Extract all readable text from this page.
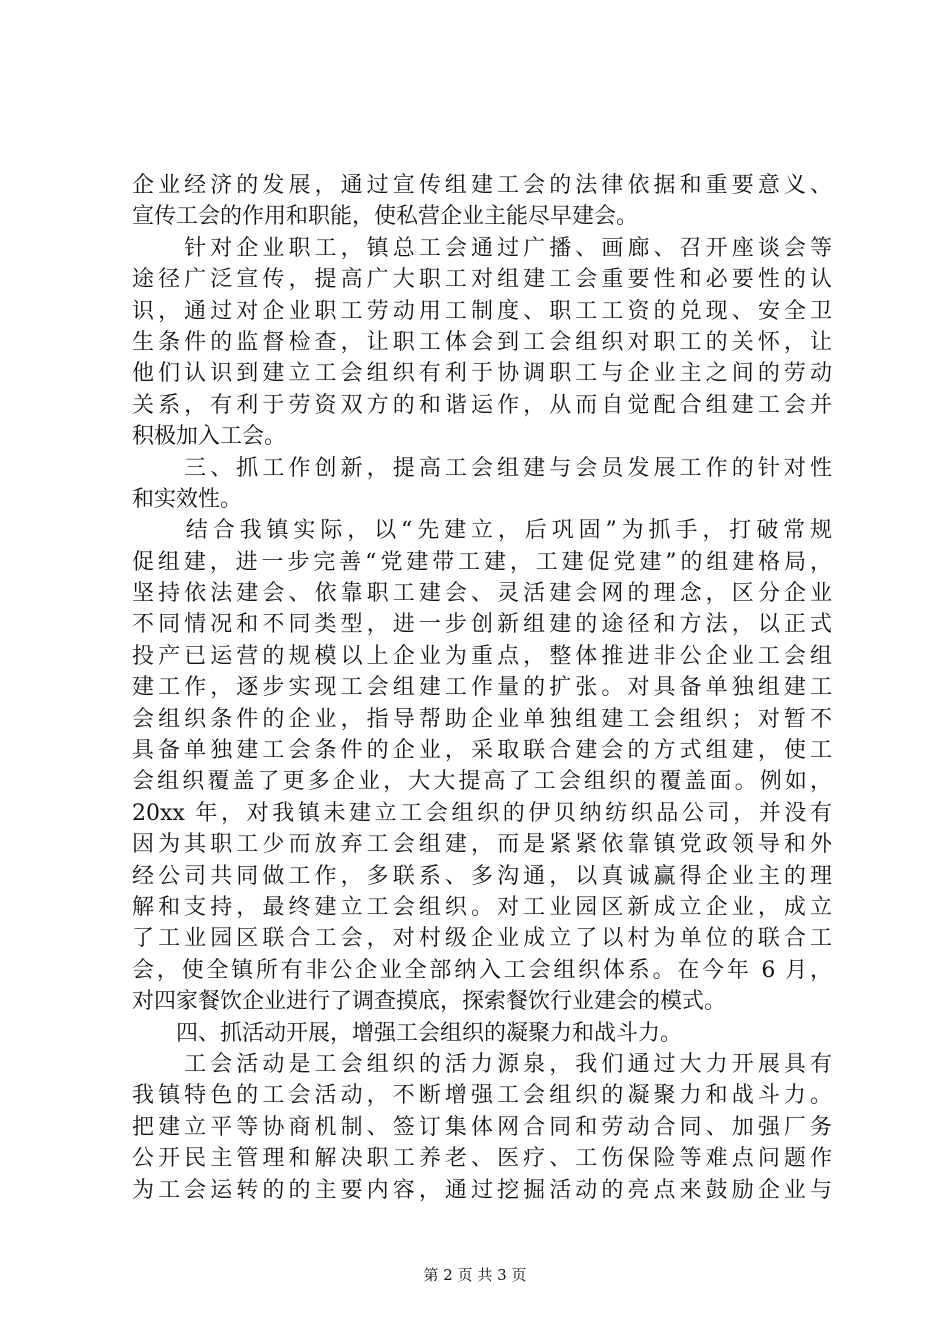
企业经济的发展，通过宣传组建工会的法律依据和重要意义、
宣传工会的作用和职能，使私营企业主能尽早建会。
　　针对企业职工，镇总工会通过广播、画廊、召开座谈会等
途径广泛宣传，提高广大职工对组建工会重要性和必要性的认
识，通过对企业职工劳动用工制度、职工工资的兑现、安全卫
生条件的监督检查，让职工体会到工会组织对职工的关怀，让
他们认识到建立工会组织有利于协调职工与企业主之间的劳动
关系，有利于劳资双方的和谐运作，从而自觉配合组建工会并
积极加入工会。
　　三、抓工作创新，提高工会组建与会员发展工作的针对性
和实效性。
　　结合我镇实际，以“先建立，后巩固”为抓手，打破常规
促组建，进一步完善“党建带工建，工建促党建”的组建格局，
坚持依法建会、依靠职工建会、灵活建会网的理念，区分企业
不同情况和不同类型，进一步创新组建的途径和方法，以正式
投产已运营的规模以上企业为重点，整体推进非公企业工会组
建工作，逐步实现工会组建工作量的扩张。对具备单独组建工
会组织条件的企业，指导帮助企业单独组建工会组织；对暂不
具备单独建工会条件的企业，采取联合建会的方式组建，使工
会组织覆盖了更多企业，大大提高了工会组织的覆盖面。例如，
20xx 年，对我镇未建立工会组织的伊贝纳纺织品公司，并没有
因为其职工少而放弃工会组建，而是紧紧依靠镇党政领导和外
经公司共同做工作，多联系、多沟通，以真诚赢得企业主的理
解和支持，最终建立工会组织。对工业园区新成立企业，成立
了工业园区联合工会，对村级企业成立了以村为单位的联合工
会，使全镇所有非公企业全部纳入工会组织体系。在今年 6 月，
对四家餐饮企业进行了调查摸底，探索餐饮行业建会的模式。
　　四、抓活动开展，增强工会组织的凝聚力和战斗力。
　　工会活动是工会组织的活力源泉，我们通过大力开展具有
我镇特色的工会活动，不断增强工会组织的凝聚力和战斗力。
把建立平等协商机制、签订集体网合同和劳动合同、加强厂务
公开民主管理和解决职工养老、医疗、工伤保险等难点问题作
为工会运转的的主要内容，通过挖掘活动的亮点来鼓励企业与
第 2 页 共 3 页
